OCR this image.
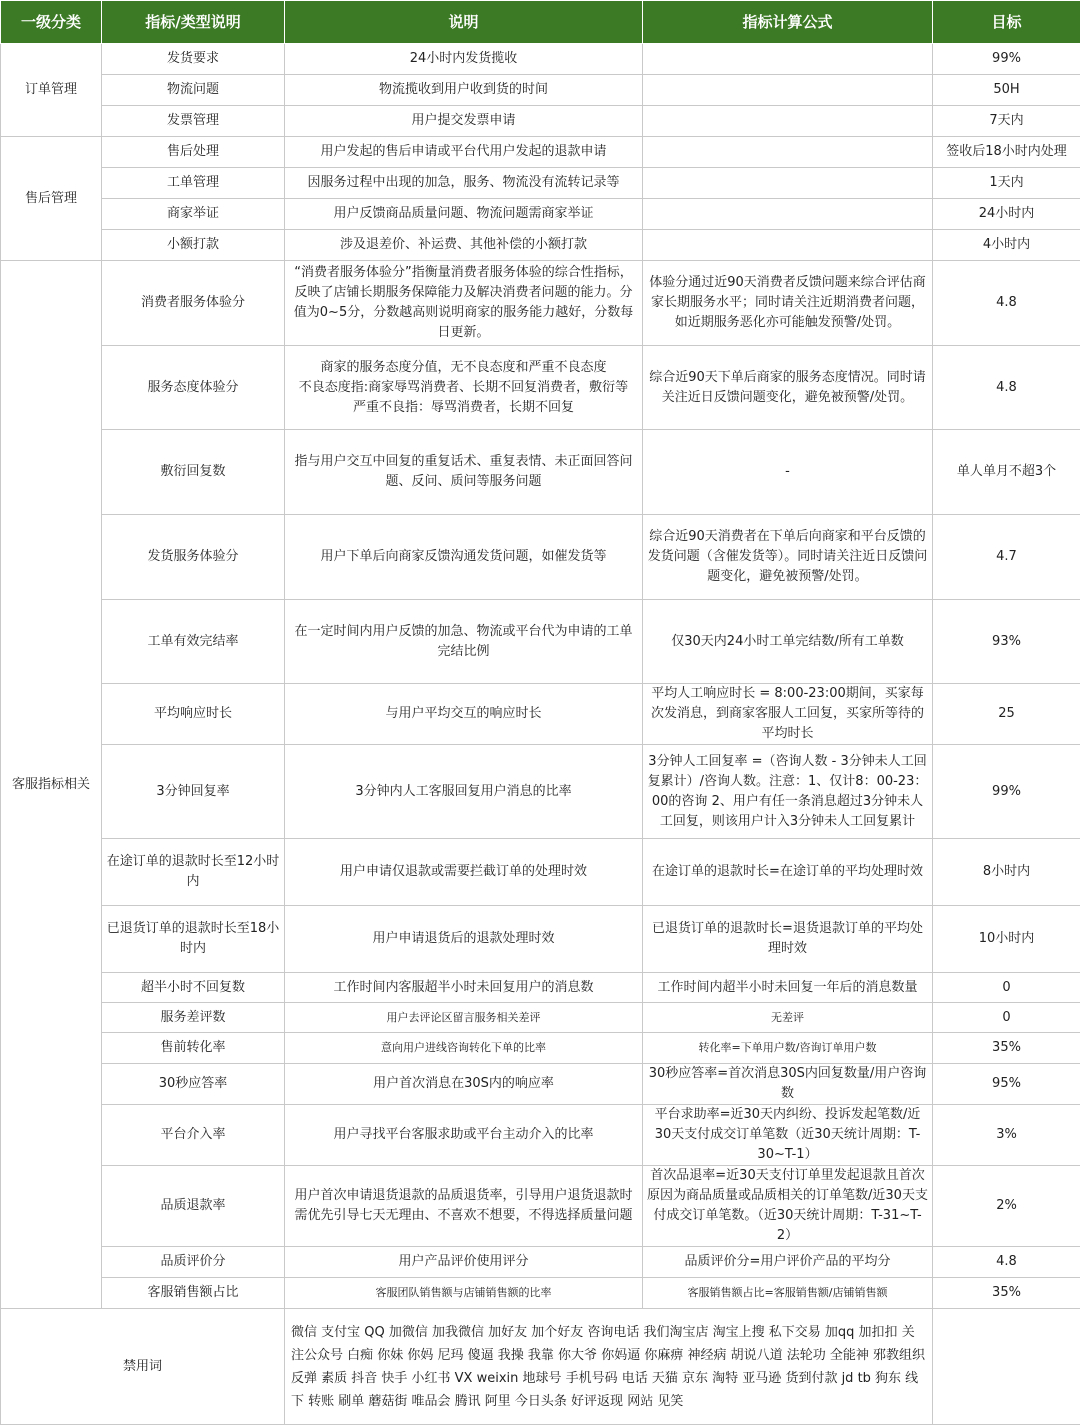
一级分类	指标/类型说明	说明	指标计算公式	目标
订单管理	发货要求	24小时内发货揽收		99%
	物流问题	物流揽收到用户收到货的时间		50H
	发票管理	用户提交发票申请		7天内
售后管理	售后处理	用户发起的售后申请或平台代用户发起的退款申请		签收后18小时内处理
	工单管理	因服务过程中出现的加急，服务、物流没有流转记录等		1天内
	商家举证	用户反馈商品质量问题、物流问题需商家举证		24小时内
	小额打款	涉及退差价、补运费、其他补偿的小额打款		4小时内
客服指标相关	消费者服务体验分	“消费者服务体验分”指衡量消费者服务体验的综合性指标，反映了店铺长期服务保障能力及解决消费者问题的能力。分值为0~5分，分数越高则说明商家的服务能力越好，分数每日更新。	体验分通过近90天消费者反馈问题来综合评估商家长期服务水平；同时请关注近期消费者问题，如近期服务恶化亦可能触发预警/处罚。	4.8
	服务态度体验分	商家的服务态度分值，无不良态度和严重不良态度
不良态度指:商家辱骂消费者、长期不回复消费者，敷衍等
严重不良指：辱骂消费者，长期不回复	综合近90天下单后商家的服务态度情况。同时请关注近日反馈问题变化，避免被预警/处罚。	4.8
	敷衍回复数	指与用户交互中回复的重复话术、重复表情、未正面回答问题、反问、质问等服务问题	-	单人单月不超3个
	发货服务体验分	用户下单后向商家反馈沟通发货问题，如催发货等	综合近90天消费者在下单后向商家和平台反馈的发货问题（含催发货等）。同时请关注近日反馈问题变化，避免被预警/处罚。	4.7
	工单有效完结率	在一定时间内用户反馈的加急、物流或平台代为申请的工单完结比例	仅30天内24小时工单完结数/所有工单数	93%
	平均响应时长	与用户平均交互的响应时长	平均人工响应时长 = 8:00-23:00期间，买家每次发消息，到商家客服人工回复，买家所等待的平均时长	25
	3分钟回复率	3分钟内人工客服回复用户消息的比率	3分钟人工回复率 =（咨询人数 - 3分钟未人工回复累计）/咨询人数。注意：1、仅计8：00-23：00的咨询 2、用户有任一条消息超过3分钟未人工回复，则该用户计入3分钟未人工回复累计	99%
	在途订单的退款时长至12小时内	用户申请仅退款或需要拦截订单的处理时效	在途订单的退款时长=在途订单的平均处理时效	8小时内
	已退货订单的退款时长至18小时内	用户申请退货后的退款处理时效	已退货订单的退款时长=退货退款订单的平均处理时效	10小时内
	超半小时不回复数	工作时间内客服超半小时未回复用户的消息数	工作时间内超半小时未回复一年后的消息数量	0
	服务差评数	用户去评论区留言服务相关差评	无差评	0
	售前转化率	意向用户进线咨询转化下单的比率	转化率=下单用户数/咨询订单用户数	35%
	30秒应答率	用户首次消息在30S内的响应率	30秒应答率=首次消息30S内回复数量/用户咨询数	95%
	平台介入率	用户寻找平台客服求助或平台主动介入的比率	平台求助率=近30天内纠纷、投诉发起笔数/近30天支付成交订单笔数（近30天统计周期：T-30~T-1）	3%
	品质退款率	用户首次申请退货退款的品质退货率，引导用户退货退款时需优先引导七天无理由、不喜欢不想要，不得选择质量问题	首次品退率=近30天支付订单里发起退款且首次原因为商品质量或品质相关的订单笔数/近30天支付成交订单笔数。（近30天统计周期：T-31~T-2）	2%
	品质评价分	用户产品评价使用评分	品质评价分=用户评价产品的平均分	4.8
	客服销售额占比	客服团队销售额与店铺销售额的比率	客服销售额占比=客服销售额/店铺销售额	35%
禁用词		微信 支付宝 QQ 加微信 加我微信 加好友 加个好友 咨询电话 我们淘宝店 淘宝上搜 私下交易 加qq 加扣扣 关注公众号 白痴 你妹 你妈 尼玛 傻逼 我操 我靠 你大爷 你妈逼 你麻痹 神经病 胡说八道 法轮功 全能神 邪教组织 反弹 素质 抖音 快手 小红书 VX weixin 地球号 手机号码 电话 天猫 京东 淘特 亚马逊 货到付款 jd tb 狗东 线下 转账 刷单 蘑菇街 唯品会 腾讯 阿里 今日头条 好评返现 网站 见笑		
